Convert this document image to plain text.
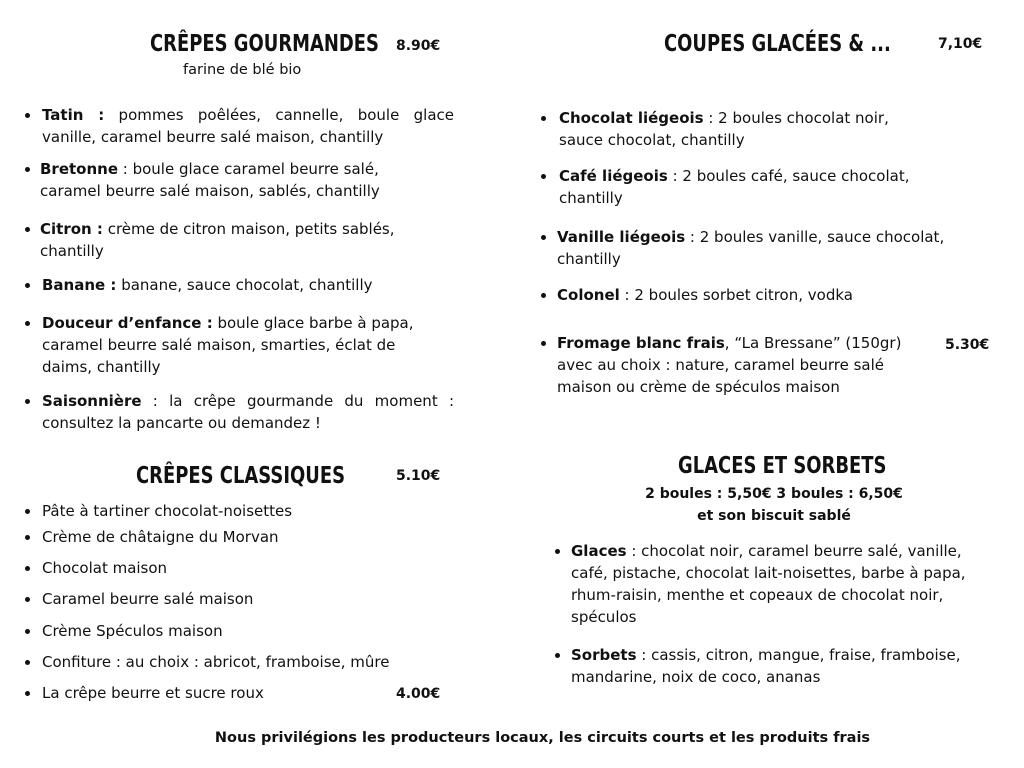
CRÊPES GOURMANDES 8.90€
farine de blé bio
Tatin : pommes poêlées, cannelle, boule glace vanille, caramel beurre salé maison, chantilly
Bretonne : boule glace caramel beurre salé, caramel beurre salé maison, sablés, chantilly
Citron : crème de citron maison, petits sablés, chantilly
Banane : banane, sauce chocolat, chantilly
Douceur d’enfance : boule glace barbe à papa, caramel beurre salé maison, smarties, éclat de daims, chantilly
Saisonnière : la crêpe gourmande du moment : consultez la pancarte ou demandez !
CRÊPES CLASSIQUES	5.10€
Pâte à tartiner chocolat-noisettes
Crème de châtaigne du Morvan
Chocolat maison
Caramel beurre salé maison
Crème Spéculos maison
Confiture : au choix : abricot, framboise, mûre
La crêpe beurre et sucre roux	4.00€
COUPES GLACÉES & ...	7,10€
Chocolat liégeois : 2 boules chocolat noir, sauce chocolat, chantilly
Café liégeois : 2 boules café, sauce chocolat, chantilly
Vanille liégeois : 2 boules vanille, sauce chocolat, chantilly
Colonel : 2 boules sorbet citron, vodka
Fromage blanc frais, “La Bressane” (150gr) avec au choix : nature, caramel beurre salé maison ou crème de spéculos maison
5.30€
GLACES ET SORBETS
2 boules : 5,50€ 3 boules : 6,50€
et son biscuit sablé
Glaces : chocolat noir, caramel beurre salé, vanille, café, pistache, chocolat lait-noisettes, barbe à papa, rhum-raisin, menthe et copeaux de chocolat noir, spéculos
Sorbets : cassis, citron, mangue, fraise, framboise, mandarine, noix de coco, ananas
Nous privilégions les producteurs locaux, les circuits courts et les produits frais
